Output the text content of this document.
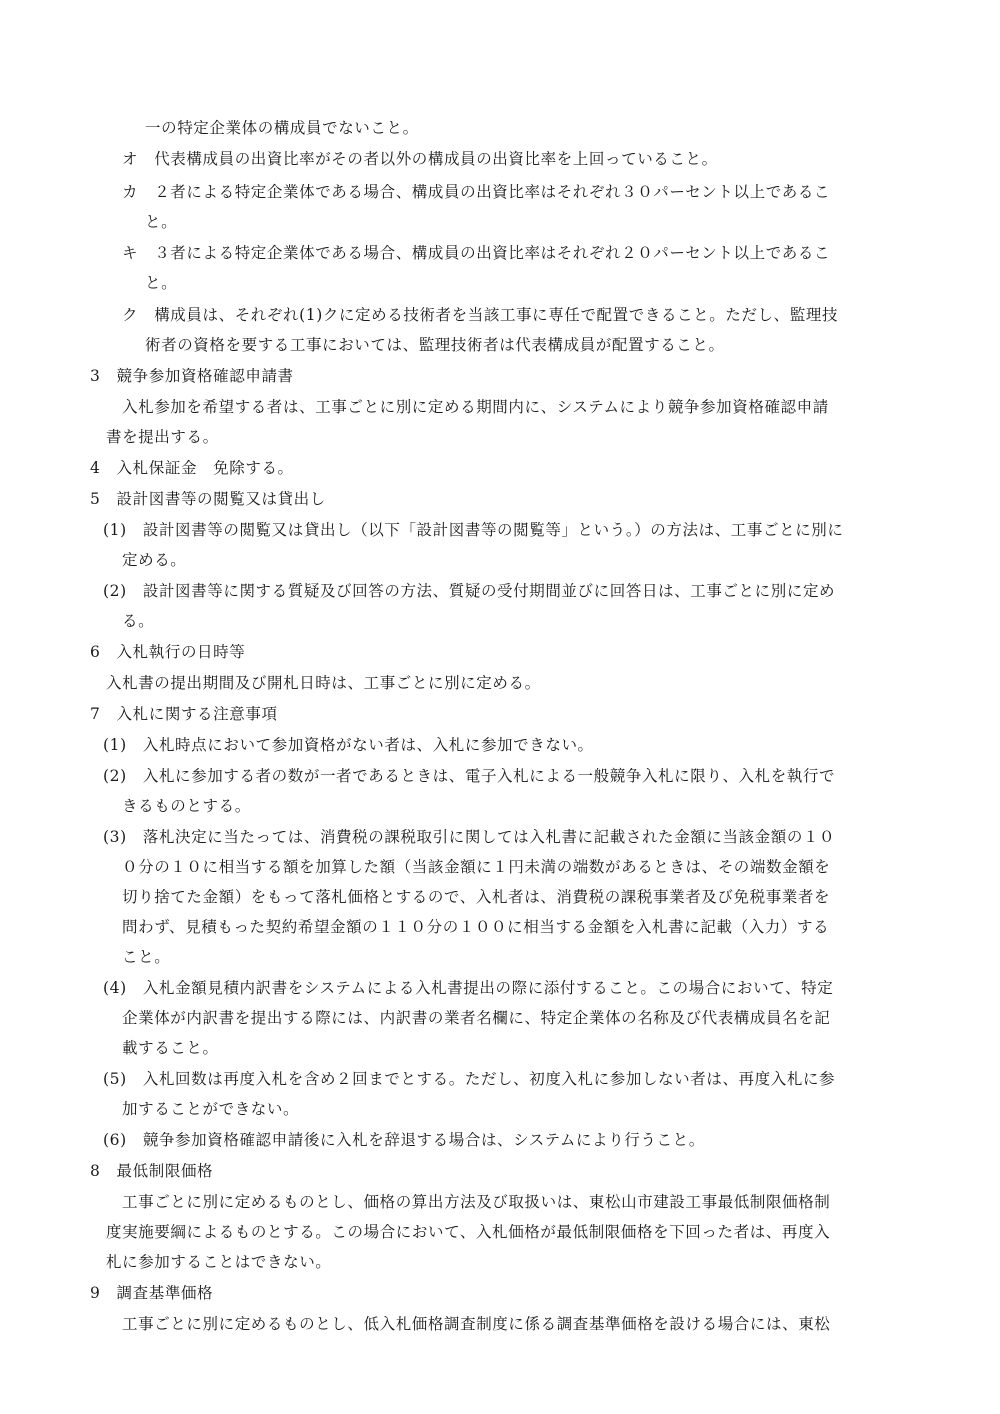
一の特定企業体の構成員でないこと。
オ　代表構成員の出資比率がその者以外の構成員の出資比率を上回っていること。
カ　２者による特定企業体である場合、構成員の出資比率はそれぞれ３０パーセント以上であるこ
と。
キ　３者による特定企業体である場合、構成員の出資比率はそれぞれ２０パーセント以上であるこ
と。
ク　構成員は、それぞれ(1)クに定める技術者を当該工事に専任で配置できること。ただし、監理技
術者の資格を要する工事においては、監理技術者は代表構成員が配置すること。
3　競争参加資格確認申請書
入札参加を希望する者は、工事ごとに別に定める期間内に、システムにより競争参加資格確認申請
書を提出する。
4　入札保証金　免除する。
5　設計図書等の閲覧又は貸出し
(1)　設計図書等の閲覧又は貸出し（以下「設計図書等の閲覧等」という。）の方法は、工事ごとに別に
定める。
(2)　設計図書等に関する質疑及び回答の方法、質疑の受付期間並びに回答日は、工事ごとに別に定め
る。
6　入札執行の日時等
入札書の提出期間及び開札日時は、工事ごとに別に定める。
7　入札に関する注意事項
(1)　入札時点において参加資格がない者は、入札に参加できない。
(2)　入札に参加する者の数が一者であるときは、電子入札による一般競争入札に限り、入札を執行で
きるものとする。
(3)　落札決定に当たっては、消費税の課税取引に関しては入札書に記載された金額に当該金額の１０
０分の１０に相当する額を加算した額（当該金額に１円未満の端数があるときは、その端数金額を
切り捨てた金額）をもって落札価格とするので、入札者は、消費税の課税事業者及び免税事業者を
問わず、見積もった契約希望金額の１１０分の１００に相当する金額を入札書に記載（入力）する
こと。
(4)　入札金額見積内訳書をシステムによる入札書提出の際に添付すること。この場合において、特定
企業体が内訳書を提出する際には、内訳書の業者名欄に、特定企業体の名称及び代表構成員名を記
載すること。
(5)　入札回数は再度入札を含め２回までとする。ただし、初度入札に参加しない者は、再度入札に参
加することができない。
(6)　競争参加資格確認申請後に入札を辞退する場合は、システムにより行うこと。
8　最低制限価格
工事ごとに別に定めるものとし、価格の算出方法及び取扱いは、東松山市建設工事最低制限価格制
度実施要綱によるものとする。この場合において、入札価格が最低制限価格を下回った者は、再度入
札に参加することはできない。
9　調査基準価格
工事ごとに別に定めるものとし、低入札価格調査制度に係る調査基準価格を設ける場合には、東松
